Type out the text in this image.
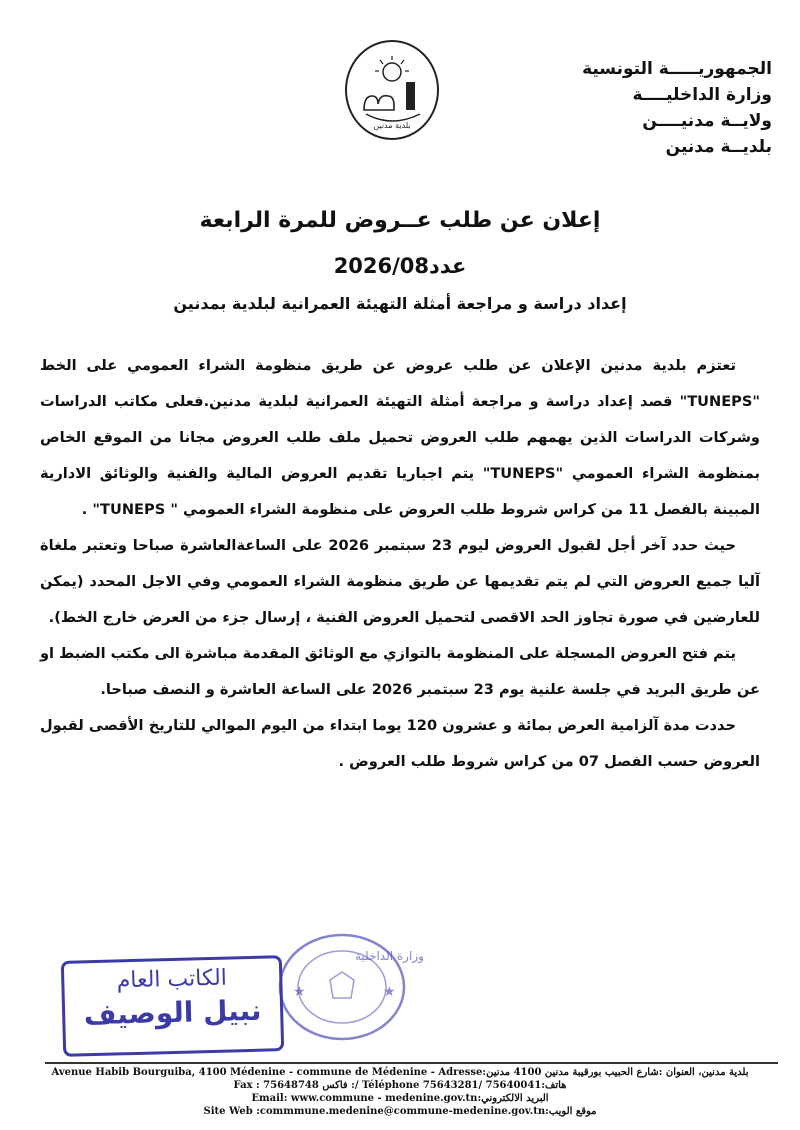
الجمهوريـــــة التونسية
وزارة الداخليــــة
ولايــة مدنيــــن
بلديــة مدنين
بلدية مدنين
إعلان عن طلب عــروض للمرة الرابعة
عدد2026/08
إعداد دراسة و مراجعة أمثلة التهيئة العمرانية لبلدية بمدنين

تعتزم بلدية مدنين الإعلان عن طلب عروض عن طريق منظومة الشراء العمومي على الخط "TUNEPS" قصد إعداد دراسة و مراجعة أمثلة التهيئة العمرانية لبلدية مدنين.فعلى مكاتب الدراسات وشركات الدراسات الذين يهمهم طلب العروض تحميل ملف طلب العروض مجانا من الموقع الخاص بمنظومة الشراء العمومي "TUNEPS" يتم اجباريا تقديم العروض المالية والفنية والوثائق الادارية المبينة بالفصل 11 من كراس شروط طلب العروض على منظومة الشراء العمومي " TUNEPS" .

حيث حدد آخر أجل لقبول العروض ليوم 23 سبتمبر 2026 على الساعةالعاشرة صباحا وتعتبر ملغاة آليا جميع العروض التي لم يتم تقديمها عن طريق منظومة الشراء العمومي وفي الاجل المحدد (يمكن للعارضين في صورة تجاوز الحد الاقصى لتحميل العروض الفنية ، إرسال جزء من العرض خارج الخط).

يتم فتح العروض المسجلة على المنظومة بالتوازي مع الوثائق المقدمة مباشرة الى مكتب الضبط او عن طريق البريد في جلسة علنية يوم 23 سبتمبر 2026 على الساعة العاشرة و النصف صباحا.

حددت مدة آلزامية العرض بمائة و عشرون 120 يوما ابتداء من اليوم الموالي للتاريخ الأقصى لقبول العروض حسب الفصل 07 من كراس شروط طلب العروض .

وزارة الداخلية
★	★
الكاتب العام
نبيل الوصيف
Avenue Habib Bourguiba, 4100 Médenine - commune de Médenine - Adresse:بلدية مدنين، العنوان :شارع الحبيب بورقيبة مدنين 4100 مدنين
Fax : 75648748 فاكس :/ Téléphone 75643281/ 75640041:هاتف
Email: www.commune - medenine.gov.tn:البريد الالكتروني
Site Web :commmune.medenine@commune-medenine.gov.tn:موقع الويب
